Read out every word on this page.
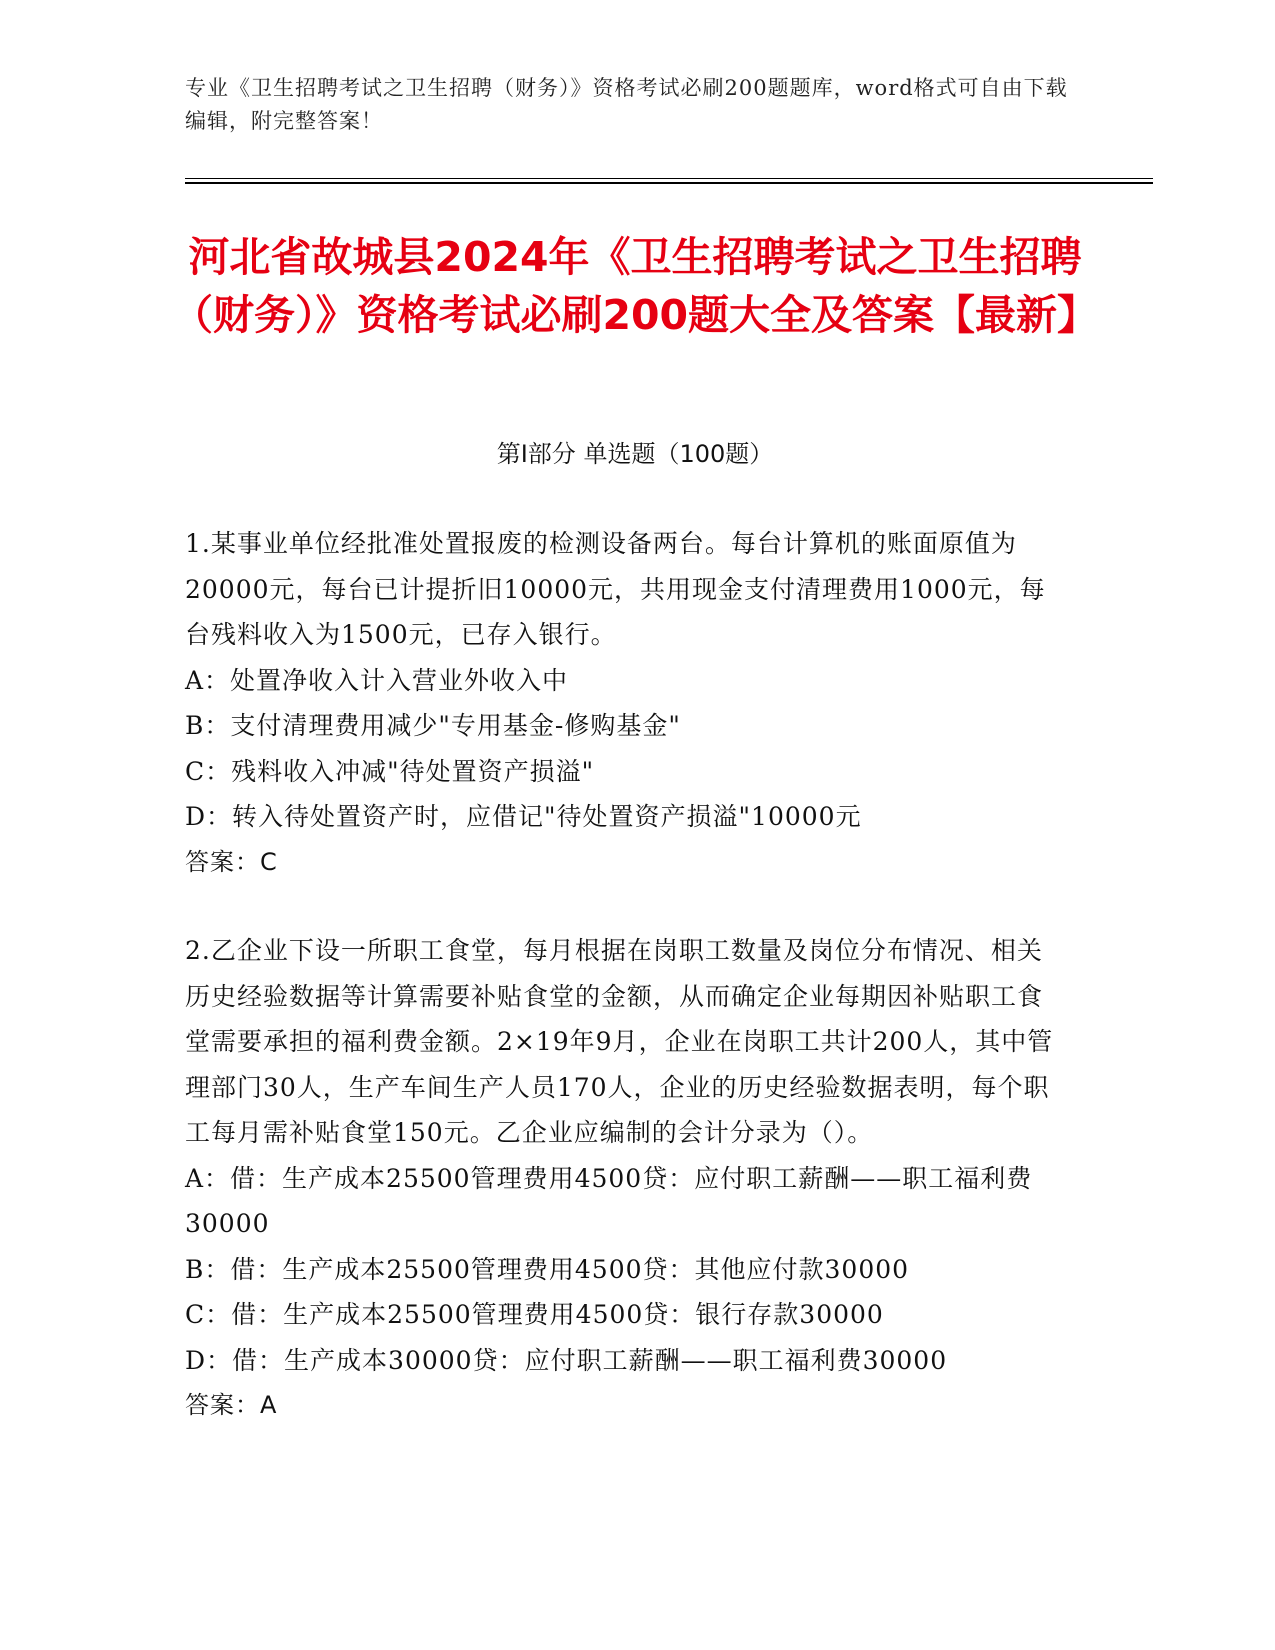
专业《卫生招聘考试之卫生招聘（财务）》资格考试必刷200题题库，word格式可自由下载编辑，附完整答案！
河北省故城县2024年《卫生招聘考试之卫生招聘（财务）》资格考试必刷200题大全及答案【最新】
第Ⅰ部分 单选题（100题）

1.某事业单位经批准处置报废的检测设备两台。每台计算机的账面原值为20000元，每台已计提折旧10000元，共用现金支付清理费用1000元，每台残料收入为1500元，已存入银行。

A：处置净收入计入营业外收入中

B：支付清理费用减少"专用基金-修购基金"

C：残料收入冲减"待处置资产损溢"

D：转入待处置资产时，应借记"待处置资产损溢"10000元

答案：C

2.乙企业下设一所职工食堂，每月根据在岗职工数量及岗位分布情况、相关历史经验数据等计算需要补贴食堂的金额，从而确定企业每期因补贴职工食堂需要承担的福利费金额。2×19年9月，企业在岗职工共计200人，其中管理部门30人，生产车间生产人员170人，企业的历史经验数据表明，每个职工每月需补贴食堂150元。乙企业应编制的会计分录为（）。

A：借：生产成本25500管理费用4500贷：应付职工薪酬——职工福利费30000

B：借：生产成本25500管理费用4500贷：其他应付款30000

C：借：生产成本25500管理费用4500贷：银行存款30000

D：借：生产成本30000贷：应付职工薪酬——职工福利费30000

答案：A
